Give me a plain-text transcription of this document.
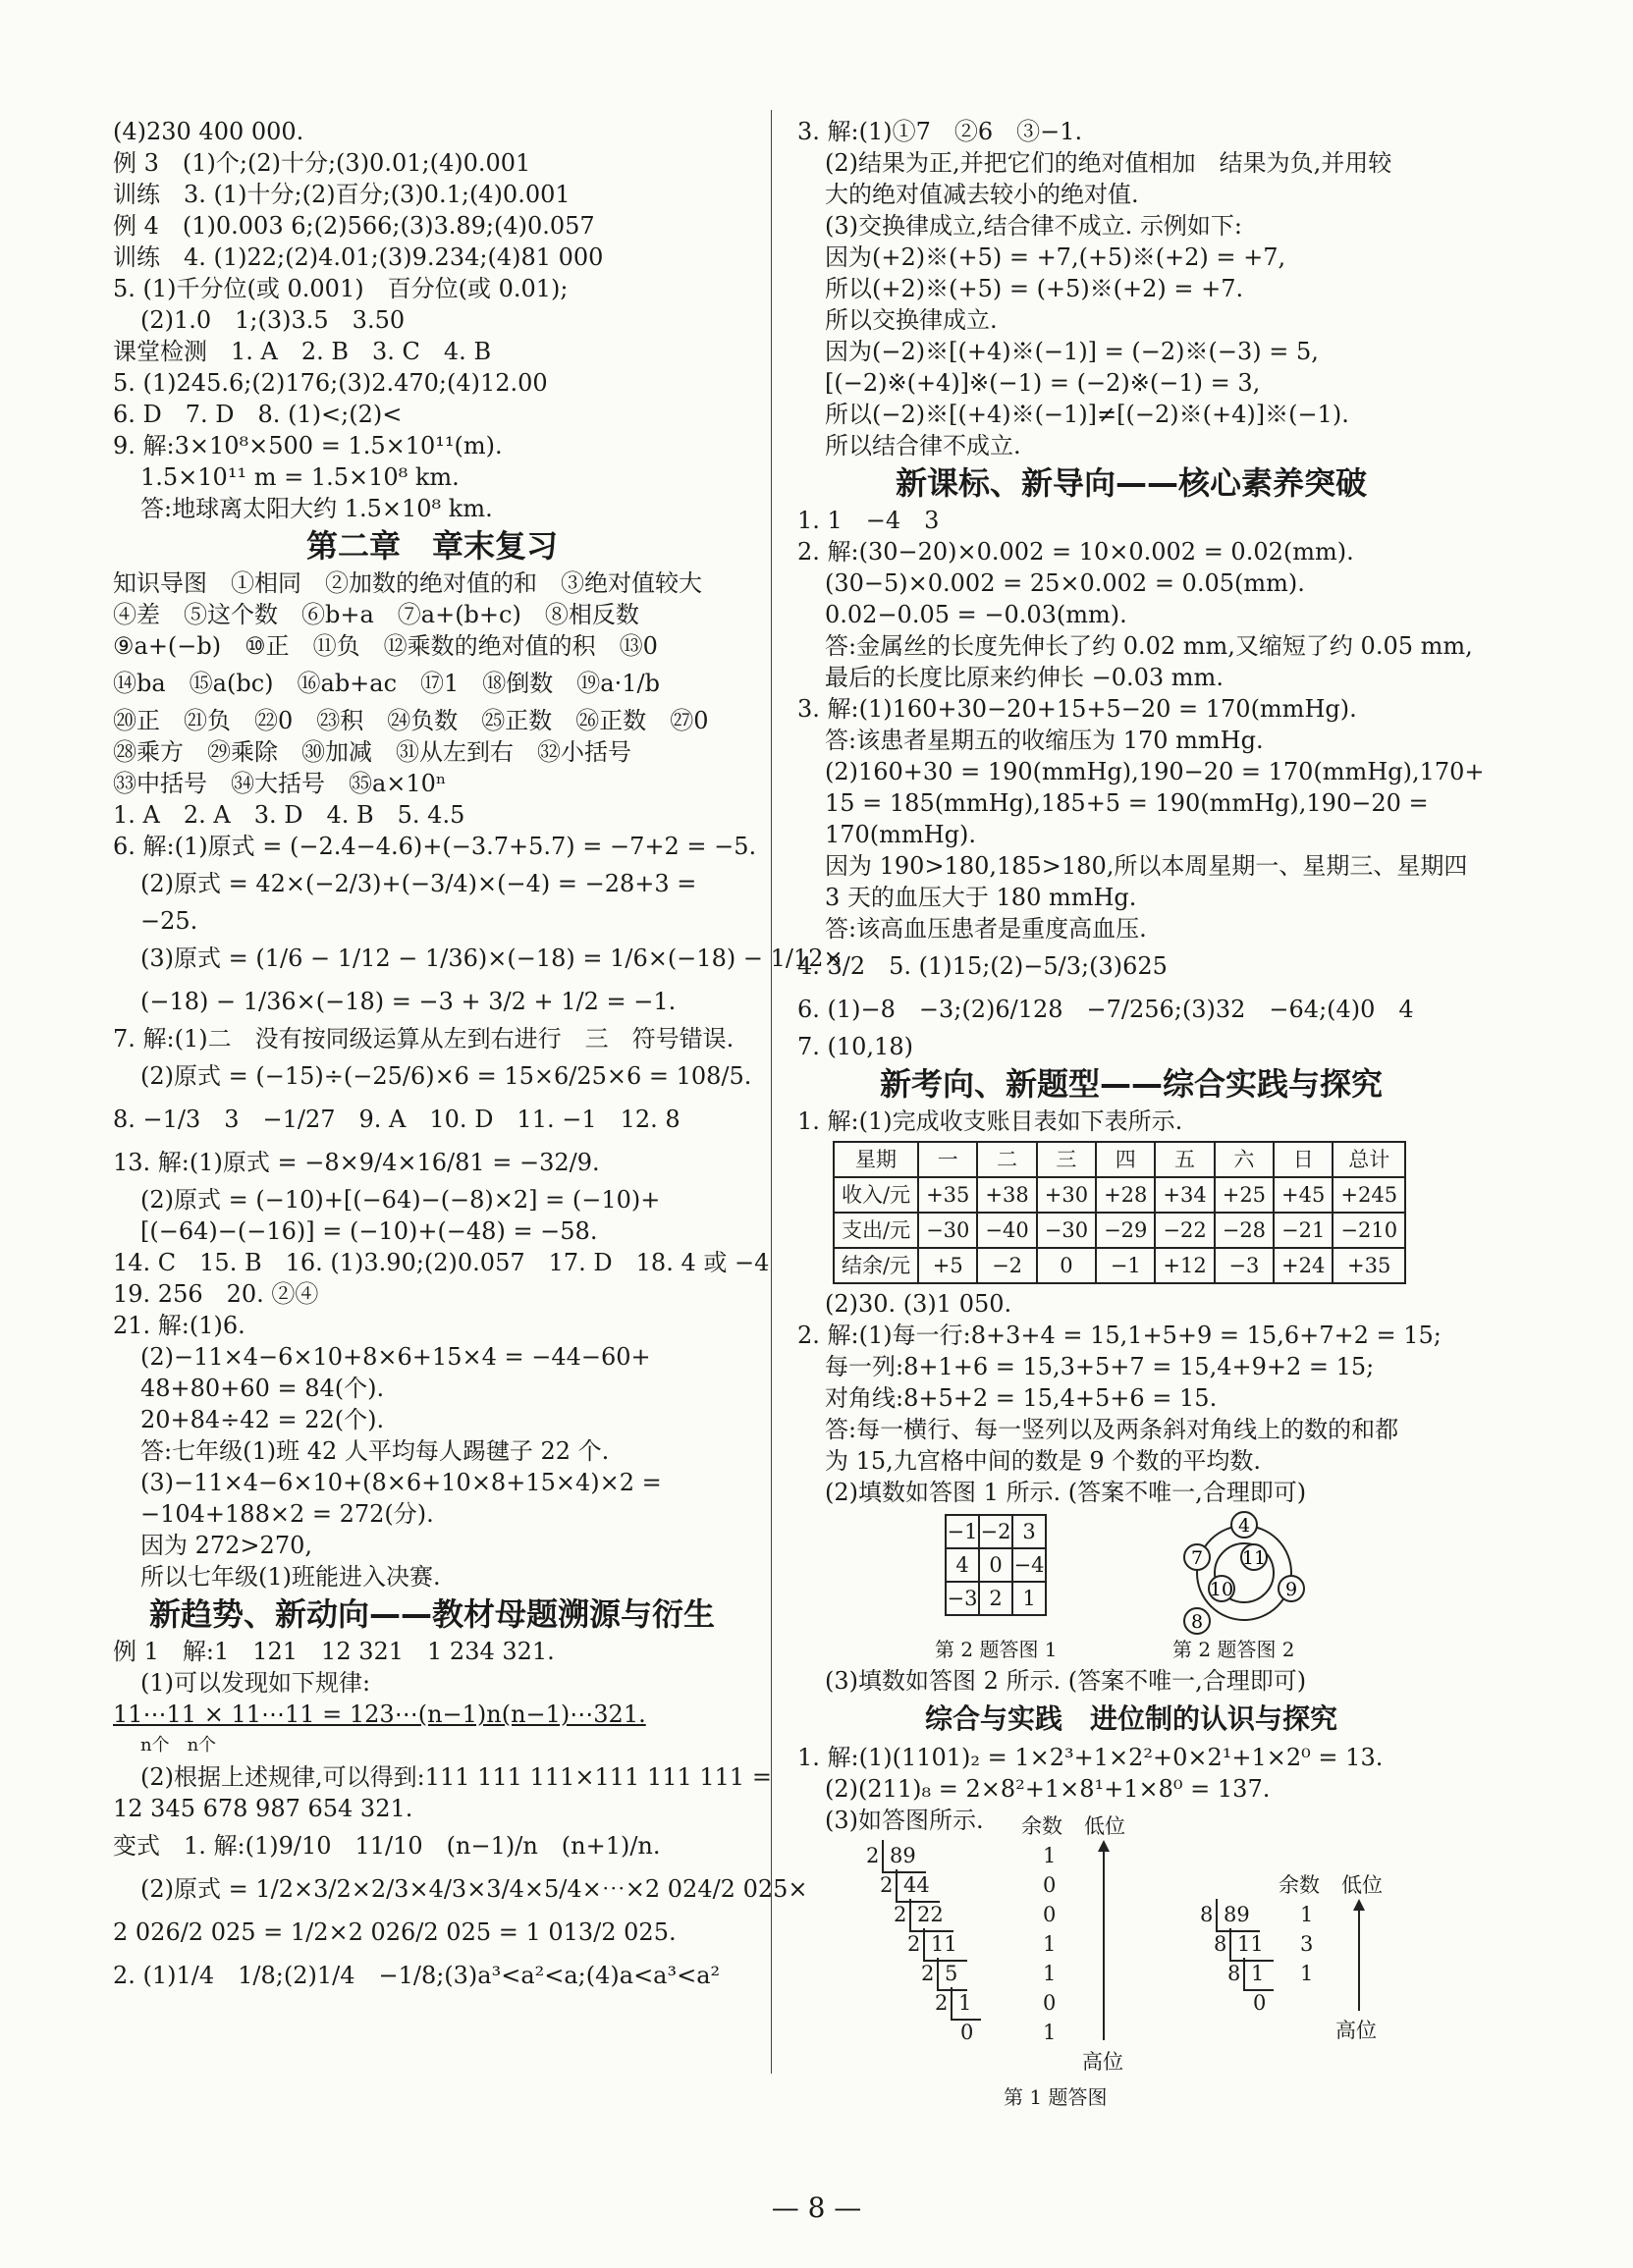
(4)230 400 000.
例 3　(1)个;(2)十分;(3)0.01;(4)0.001
训练　3. (1)十分;(2)百分;(3)0.1;(4)0.001
例 4　(1)0.003 6;(2)566;(3)3.89;(4)0.057
训练　4. (1)22;(2)4.01;(3)9.234;(4)81 000
5. (1)千分位(或 0.001)　百分位(或 0.01);
(2)1.0　1;(3)3.5　3.50
课堂检测　1. A　2. B　3. C　4. B
5. (1)245.6;(2)176;(3)2.470;(4)12.00
6. D　7. D　8. (1)<;(2)<
9. 解:3×10⁸×500 = 1.5×10¹¹(m).
1.5×10¹¹ m = 1.5×10⁸ km.
答:地球离太阳大约 1.5×10⁸ km.
第二章　章末复习
知识导图　①相同　②加数的绝对值的和　③绝对值较大
④差　⑤这个数　⑥b+a　⑦a+(b+c)　⑧相反数
⑨a+(−b)　⑩正　⑪负　⑫乘数的绝对值的积　⑬0
⑭ba　⑮a(bc)　⑯ab+ac　⑰1　⑱倒数　⑲a·1/b
⑳正　㉑负　㉒0　㉓积　㉔负数　㉕正数　㉖正数　㉗0
㉘乘方　㉙乘除　㉚加减　㉛从左到右　㉜小括号
㉝中括号　㉞大括号　㉟a×10ⁿ
1. A　2. A　3. D　4. B　5. 4.5
6. 解:(1)原式 = (−2.4−4.6)+(−3.7+5.7) = −7+2 = −5.
(2)原式 = 42×(−2/3)+(−3/4)×(−4) = −28+3 =
−25.
(3)原式 = (1/6 − 1/12 − 1/36)×(−18) = 1/6×(−18) − 1/12×
(−18) − 1/36×(−18) = −3 + 3/2 + 1/2 = −1.
7. 解:(1)二　没有按同级运算从左到右进行　三　符号错误.
(2)原式 = (−15)÷(−25/6)×6 = 15×6/25×6 = 108/5.
8. −1/3　3　−1/27　9. A　10. D　11. −1　12. 8
13. 解:(1)原式 = −8×9/4×16/81 = −32/9.
(2)原式 = (−10)+[(−64)−(−8)×2] = (−10)+
[(−64)−(−16)] = (−10)+(−48) = −58.
14. C　15. B　16. (1)3.90;(2)0.057　17. D　18. 4 或 −4
19. 256　20. ②④
21. 解:(1)6.
(2)−11×4−6×10+8×6+15×4 = −44−60+
48+80+60 = 84(个).
20+84÷42 = 22(个).
答:七年级(1)班 42 人平均每人踢毽子 22 个.
(3)−11×4−6×10+(8×6+10×8+15×4)×2 =
−104+188×2 = 272(分).
因为 272>270,
所以七年级(1)班能进入决赛.
新趋势、新动向——教材母题溯源与衍生
例 1　解:1　121　12 321　1 234 321.
(1)可以发现如下规律:
11⋯11 × 11⋯11 = 123⋯(n−1)n(n−1)⋯321.
n个　n个
(2)根据上述规律,可以得到:111 111 111×111 111 111 =
12 345 678 987 654 321.
变式　1. 解:(1)9/10　11/10　(n−1)/n　(n+1)/n.
(2)原式 = 1/2×3/2×2/3×4/3×3/4×5/4×⋯×2 024/2 025×
2 026/2 025 = 1/2×2 026/2 025 = 1 013/2 025.
2. (1)1/4　1/8;(2)1/4　−1/8;(3)a³<a²<a;(4)a<a³<a²
3. 解:(1)①7　②6　③−1.
(2)结果为正,并把它们的绝对值相加　结果为负,并用较
大的绝对值减去较小的绝对值.
(3)交换律成立,结合律不成立. 示例如下:
因为(+2)※(+5) = +7,(+5)※(+2) = +7,
所以(+2)※(+5) = (+5)※(+2) = +7.
所以交换律成立.
因为(−2)※[(+4)※(−1)] = (−2)※(−3) = 5,
[(−2)※(+4)]※(−1) = (−2)※(−1) = 3,
所以(−2)※[(+4)※(−1)]≠[(−2)※(+4)]※(−1).
所以结合律不成立.
新课标、新导向——核心素养突破
1. 1　−4　3
2. 解:(30−20)×0.002 = 10×0.002 = 0.02(mm).
(30−5)×0.002 = 25×0.002 = 0.05(mm).
0.02−0.05 = −0.03(mm).
答:金属丝的长度先伸长了约 0.02 mm,又缩短了约 0.05 mm,
最后的长度比原来约伸长 −0.03 mm.
3. 解:(1)160+30−20+15+5−20 = 170(mmHg).
答:该患者星期五的收缩压为 170 mmHg.
(2)160+30 = 190(mmHg),190−20 = 170(mmHg),170+
15 = 185(mmHg),185+5 = 190(mmHg),190−20 =
170(mmHg).
因为 190>180,185>180,所以本周星期一、星期三、星期四
3 天的血压大于 180 mmHg.
答:该高血压患者是重度高血压.
4. 3/2　5. (1)15;(2)−5/3;(3)625
6. (1)−8　−3;(2)6/128　−7/256;(3)32　−64;(4)0　4
7. (10,18)
新考向、新题型——综合实践与探究
1. 解:(1)完成收支账目表如下表所示.
星期	一	二	三	四	五	六	日	总计
收入/元	+35	+38	+30	+28	+34	+25	+45	+245
支出/元	−30	−40	−30	−29	−22	−28	−21	−210
结余/元	+5	−2	0	−1	+12	−3	+24	+35
(2)30. (3)1 050.
2. 解:(1)每一行:8+3+4 = 15,1+5+9 = 15,6+7+2 = 15;
每一列:8+1+6 = 15,3+5+7 = 15,4+9+2 = 15;
对角线:8+5+2 = 15,4+5+6 = 15.
答:每一横行、每一竖列以及两条斜对角线上的数的和都
为 15,九宫格中间的数是 9 个数的平均数.
(2)填数如答图 1 所示. (答案不唯一,合理即可)
−1	−2	3
4	0	−4
−3	2	1
4
7 11
10	9
8
第 2 题答图 1	第 2 题答图 2
(3)填数如答图 2 所示. (答案不唯一,合理即可)
综合与实践　进位制的认识与探究
1. 解:(1)(1101)₂ = 1×2³+1×2²+0×2¹+1×2⁰ = 13.
(2)(211)₈ = 2×8²+1×8¹+1×8⁰ = 137.
(3)如答图所示.
2 89	1
2 44	0
2 22	0
2 11	1
2 5	1
2 1	0
0	1
余数 低位
高位
8 89	1
8 11	3
8 1	1
0
余数 低位
高位
第 1 题答图
— 8 —
